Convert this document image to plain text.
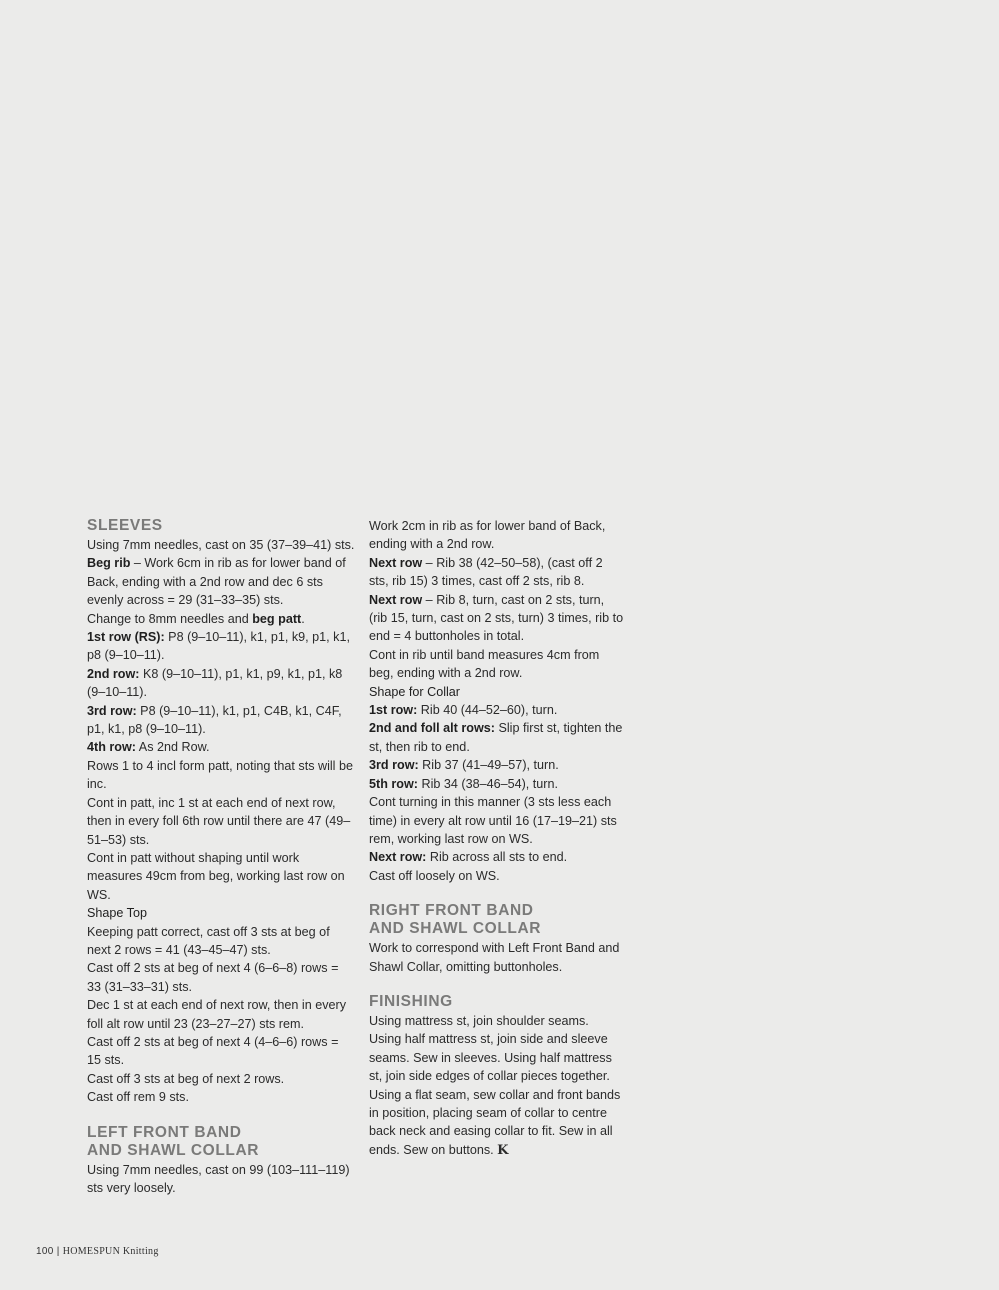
SLEEVES

Using 7mm needles, cast on 35 (37–39–41) sts.

Beg rib – Work 6cm in rib as for lower band of Back, ending with a 2nd row and dec 6 sts evenly across = 29 (31–33–35) sts.

Change to 8mm needles and beg patt.

1st row (RS): P8 (9–10–11), k1, p1, k9, p1, k1, p8 (9–10–11).

2nd row: K8 (9–10–11), p1, k1, p9, k1, p1, k8 (9–10–11).

3rd row: P8 (9–10–11), k1, p1, C4B, k1, C4F, p1, k1, p8 (9–10–11).

4th row: As 2nd Row.

Rows 1 to 4 incl form patt, noting that sts will be inc.

Cont in patt, inc 1 st at each end of next row, then in every foll 6th row until there are 47 (49–51–53) sts.

Cont in patt without shaping until work measures 49cm from beg, working last row on WS.

Shape Top

Keeping patt correct, cast off 3 sts at beg of next 2 rows = 41 (43–45–47) sts.

Cast off 2 sts at beg of next 4 (6–6–8) rows = 33 (31–33–31) sts.

Dec 1 st at each end of next row, then in every foll alt row until 23 (23–27–27) sts rem.

Cast off 2 sts at beg of next 4 (4–6–6) rows = 15 sts.

Cast off 3 sts at beg of next 2 rows.

Cast off rem 9 sts.

LEFT FRONT BAND
AND SHAWL COLLAR

Using 7mm needles, cast on 99 (103–111–119) sts very loosely.

Work 2cm in rib as for lower band of Back, ending with a 2nd row.

Next row – Rib 38 (42–50–58), (cast off 2 sts, rib 15) 3 times, cast off 2 sts, rib 8.

Next row – Rib 8, turn, cast on 2 sts, turn, (rib 15, turn, cast on 2 sts, turn) 3 times, rib to end = 4 buttonholes in total.

Cont in rib until band measures 4cm from beg, ending with a 2nd row.

Shape for Collar

1st row: Rib 40 (44–52–60), turn.

2nd and foll alt rows: Slip first st, tighten the st, then rib to end.

3rd row: Rib 37 (41–49–57), turn.

5th row: Rib 34 (38–46–54), turn.

Cont turning in this manner (3 sts less each time) in every alt row until 16 (17–19–21) sts rem, working last row on WS.

Next row: Rib across all sts to end.

Cast off loosely on WS.

RIGHT FRONT BAND
AND SHAWL COLLAR

Work to correspond with Left Front Band and Shawl Collar, omitting buttonholes.

FINISHING

Using mattress st, join shoulder seams. Using half mattress st, join side and sleeve seams. Sew in sleeves. Using half mattress st, join side edges of collar pieces together. Using a flat seam, sew collar and front bands in position, placing seam of collar to centre back neck and easing collar to fit. Sew in all ends. Sew on buttons. K

100 | HOMESPUN Knitting
